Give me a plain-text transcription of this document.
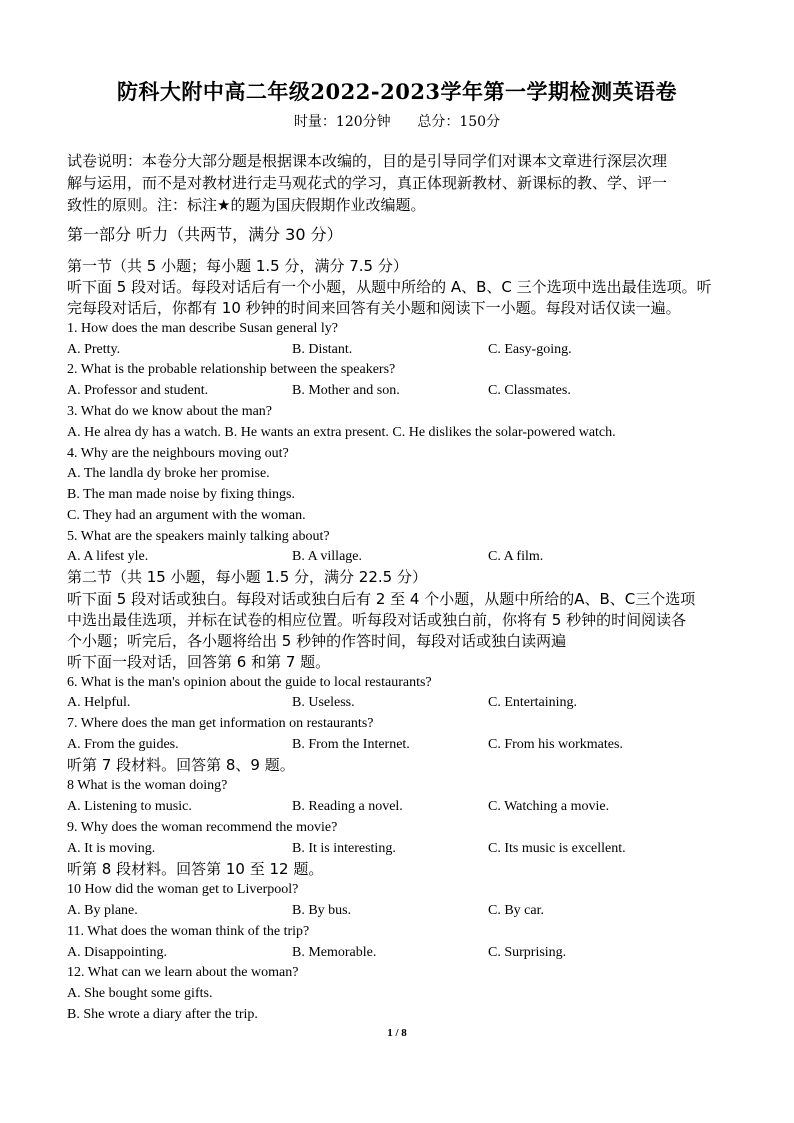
防科大附中高二年级2022-2023学年第一学期检测英语卷
时量：120分钟      总分：150分
试卷说明：本卷分大部分题是根据课本改编的，目的是引导同学们对课本文章进行深层次理
解与运用，而不是对教材进行走马观花式的学习，真正体现新教材、新课标的教、学、评一
致性的原则。注：标注★的题为国庆假期作业改编题。
第一部分 听力（共两节，满分 30 分）
第一节（共 5 小题；每小题 1.5 分，满分 7.5 分）
听下面 5 段对话。每段对话后有一个小题，从题中所给的 A、B、C 三个选项中选出最佳选项。听
完每段对话后，你都有 10 秒钟的时间来回答有关小题和阅读下一小题。每段对话仅读一遍。
1. How does the man describe Susan general ly?
A. Pretty.	B. Distant.	C. Easy-going.
2. What is the probable relationship between the speakers?
A. Professor and student.	B. Mother and son.	C. Classmates.
3. What do we know about the man?
A. He alrea dy has a watch. B. He wants an extra present. C. He dislikes the solar-powered watch.
4. Why are the neighbours moving out?
A. The landla dy broke her promise.
B. The man made noise by fixing things.
C. They had an argument with the woman.
5. What are the speakers mainly talking about?
A. A lifest yle.	B. A village.	C. A film.
第二节（共 15 小题，每小题 1.5 分，满分 22.5 分）
听下面 5 段对话或独白。每段对话或独白后有 2 至 4 个小题，从题中所给的A、B、C三个选项
中选出最佳选项，并标在试卷的相应位置。听每段对话或独白前，你将有 5 秒钟的时间阅读各
个小题；听完后，各小题将给出 5 秒钟的作答时间，每段对话或独白读两遍
听下面一段对话，回答第 6 和第 7 题。
6. What is the man's opinion about the guide to local restaurants?
A. Helpful.	B. Useless.	C. Entertaining.
7. Where does the man get information on restaurants?
A. From the guides.	B. From the Internet.	C. From his workmates.
听第 7 段材料。回答第 8、9 题。
8 What is the woman doing?
A. Listening to music.	B. Reading a novel.	C. Watching a movie.
9. Why does the woman recommend the movie?
A. It is moving.	B. It is interesting.	C. Its music is excellent.
听第 8 段材料。回答第 10 至 12 题。
10 How did the woman get to Liverpool?
A. By plane.	B. By bus.	C. By car.
11. What does the woman think of the trip?
A. Disappointing.	B. Memorable.	C. Surprising.
12. What can we learn about the woman?
A. She bought some gifts.
B. She wrote a diary after the trip.
1 / 8
